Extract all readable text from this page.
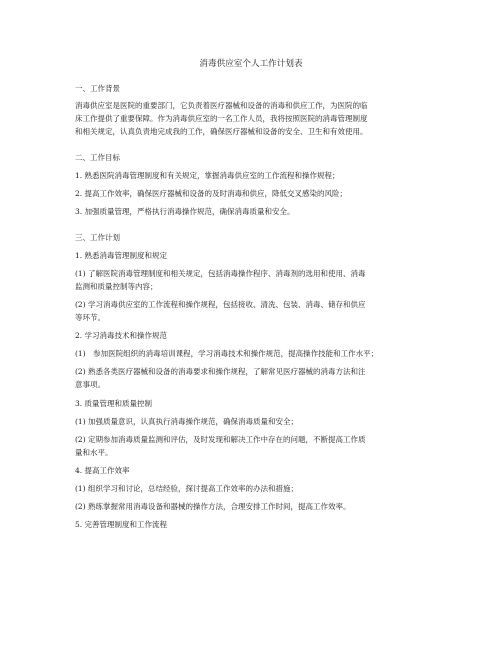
消毒供应室个人工作计划表
一、工作背景
消毒供应室是医院的重要部门，它负责着医疗器械和设备的消毒和供应工作，为医院的临
床工作提供了重要保障。作为消毒供应室的一名工作人员，我将按照医院的消毒管理制度
和相关规定，认真负责地完成我的工作，确保医疗器械和设备的安全、卫生和有效使用。
二、工作目标
1. 熟悉医院消毒管理制度和有关规定，掌握消毒供应室的工作流程和操作规程；
2. 提高工作效率，确保医疗器械和设备的及时消毒和供应，降低交叉感染的风险；
3. 加强质量管理，严格执行消毒操作规范，确保消毒质量和安全。
三、工作计划
1. 熟悉消毒管理制度和规定
(1) 了解医院消毒管理制度和相关规定，包括消毒操作程序、消毒剂的选用和使用、消毒
监测和质量控制等内容；
(2) 学习消毒供应室的工作流程和操作规程，包括接收、清洗、包装、消毒、储存和供应
等环节。
2. 学习消毒技术和操作规范
(1)　参加医院组织的消毒培训课程，学习消毒技术和操作规范，提高操作技能和工作水平；
(2) 熟悉各类医疗器械和设备的消毒要求和操作规程，了解常见医疗器械的消毒方法和注
意事项。
3. 质量管理和质量控制
(1) 加强质量意识，认真执行消毒操作规范，确保消毒质量和安全；
(2) 定期参加消毒质量监测和评估，及时发现和解决工作中存在的问题，不断提高工作质
量和水平。
4. 提高工作效率
(1) 组织学习和讨论，总结经验，探讨提高工作效率的办法和措施；
(2) 熟练掌握常用消毒设备和器械的操作方法，合理安排工作时间，提高工作效率。
5. 完善管理制度和工作流程
